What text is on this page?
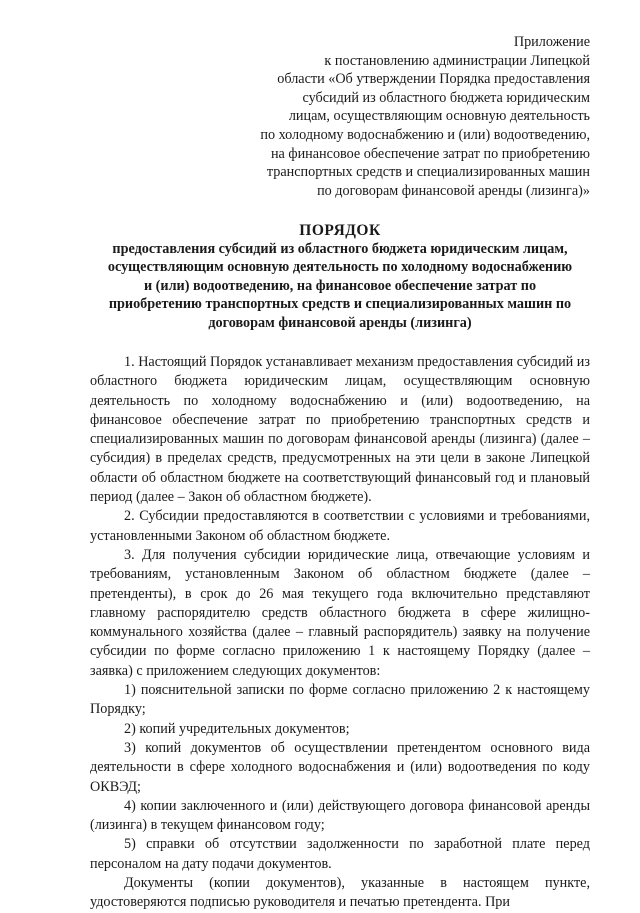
Приложение
к постановлению администрации Липецкой
области «Об утверждении Порядка предоставления
субсидий из областного бюджета юридическим
лицам, осуществляющим основную деятельность
по холодному водоснабжению и (или) водоотведению,
на финансовое обеспечение затрат по приобретению
транспортных средств и специализированных машин
по договорам финансовой аренды (лизинга)»
ПОРЯДОК
предоставления субсидий из областного бюджета юридическим лицам,
осуществляющим основную деятельность по холодному водоснабжению
и (или) водоотведению, на финансовое обеспечение затрат по
приобретению транспортных средств и специализированных машин по
договорам финансовой аренды (лизинга)

1. Настоящий Порядок устанавливает механизм предоставления субсидий из областного бюджета юридическим лицам, осуществляющим основную деятельность по холодному водоснабжению и (или) водоотведению, на финансовое обеспечение затрат по приобретению транспортных средств и специализированных машин по договорам финансовой аренды (лизинга) (далее – субсидия) в пределах средств, предусмотренных на эти цели в законе Липецкой области об областном бюджете на соответствующий финансовый год и плановый период (далее – Закон об областном бюджете).

2. Субсидии предоставляются в соответствии с условиями и требованиями, установленными Законом об областном бюджете.

3. Для получения субсидии юридические лица, отвечающие условиям и требованиям, установленным Законом об областном бюджете (далее – претенденты), в срок до 26 мая текущего года включительно представляют главному распорядителю средств областного бюджета в сфере жилищно-коммунального хозяйства (далее – главный распорядитель) заявку на получение субсидии по форме согласно приложению 1 к настоящему Порядку (далее – заявка) с приложением следующих документов:

1) пояснительной записки по форме согласно приложению 2 к настоящему Порядку;

2) копий учредительных документов;

3) копий документов об осуществлении претендентом основного вида деятельности в сфере холодного водоснабжения и (или) водоотведения по коду ОКВЭД;

4) копии заключенного и (или) действующего договора финансовой аренды (лизинга) в текущем финансовом году;

5) справки об отсутствии задолженности по заработной плате перед персоналом на дату подачи документов.

Документы (копии документов), указанные в настоящем пункте, удостоверяются подписью руководителя и печатью претендента. При
